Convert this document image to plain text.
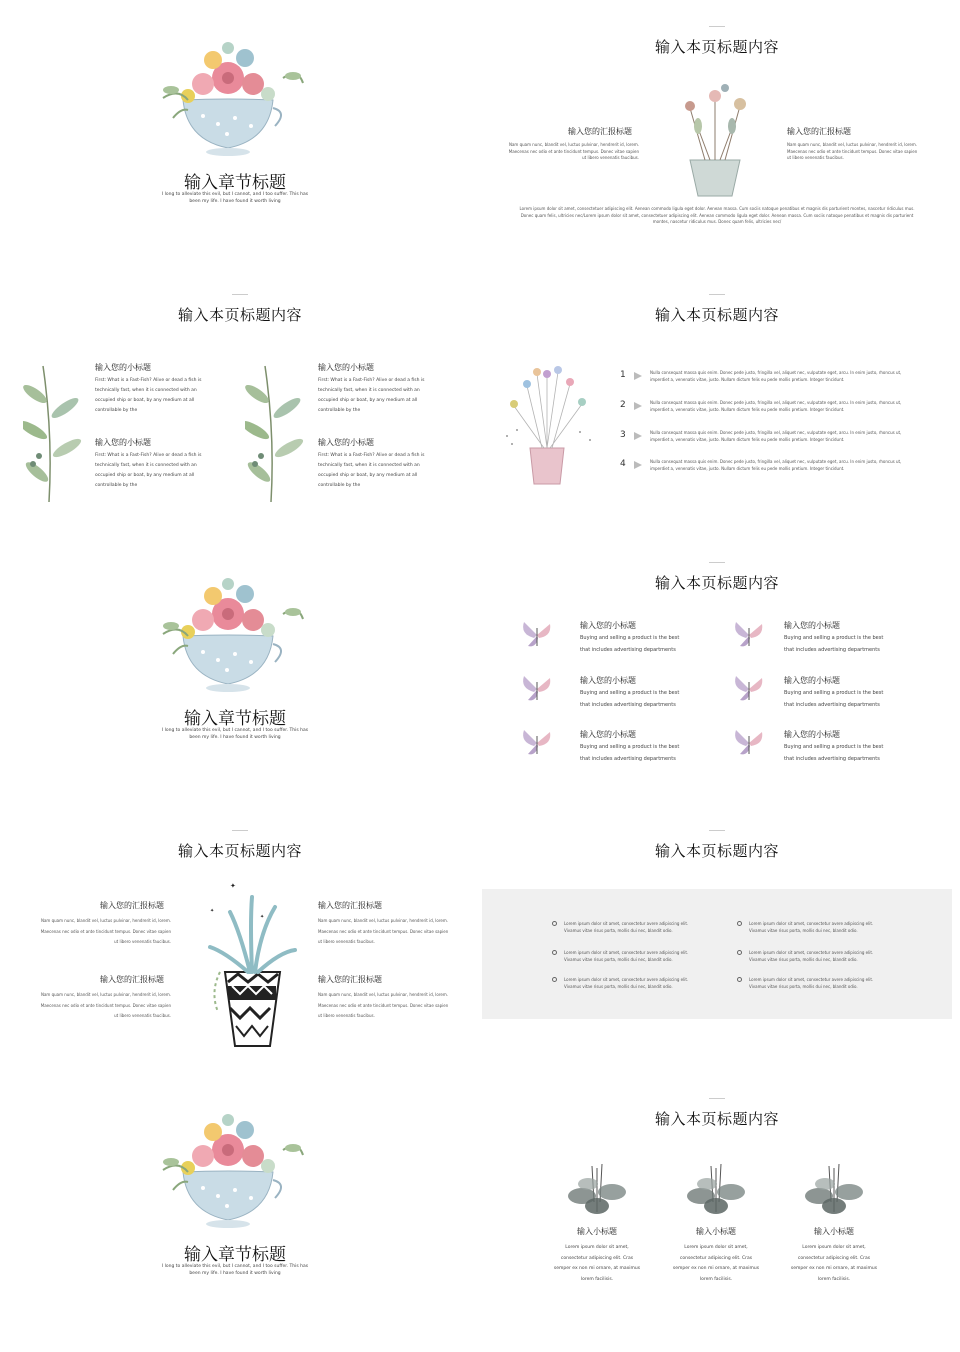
输入章节标题
I long to alleviate this evil, but I cannot, and I too suffer. This has been my life. I have found it worth living
输入本页标题内容
输入您的汇报标题
Nam quam nunc, blandit vel, luctus pulvinar, hendrerit id, lorem. Maecenas nec odio et ante tincidunt tempus. Donec vitae sapien ut libero venenatis faucibus.
输入您的汇报标题
Nam quam nunc, blandit vel, luctus pulvinar, hendrerit id, lorem. Maecenas nec odio et ante tincidunt tempus. Donec vitae sapien ut libero venenatis faucibus.
Lorem ipsum dolor sit amet, consectetuer adipiscing elit. Aenean commodo ligula eget dolor. Aenean massa. Cum sociis natoque penatibus et magnis dis parturient montes, nascetur ridiculus mus. Donec quam felis, ultricies nec/Lorem ipsum dolor sit amet, consectetuer adipiscing elit. Aenean commodo ligula eget dolor. Aenean massa. Cum sociis natoque penatibus et magnis dis parturient montes, nascetur ridiculus mus. Donec quam felis, ultricies nec/
输入本页标题内容
输入您的小标题
First: What is a Fast-Fish? Alive or dead a fish is technically fast, when it is connected with an occupied ship or boat, by any medium at all controllable by the
输入您的小标题
First: What is a Fast-Fish? Alive or dead a fish is technically fast, when it is connected with an occupied ship or boat, by any medium at all controllable by the
输入您的小标题
First: What is a Fast-Fish? Alive or dead a fish is technically fast, when it is connected with an occupied ship or boat, by any medium at all controllable by the
输入您的小标题
First: What is a Fast-Fish? Alive or dead a fish is technically fast, when it is connected with an occupied ship or boat, by any medium at all controllable by the
输入本页标题内容
1	Nulla consequat massa quis enim. Donec pede justo, fringilla vel, aliquet nec, vulputate eget, arcu. In enim justo, rhoncus ut, imperdiet a, venenatis vitae, justo. Nullam dictum felis eu pede mollis pretium. Integer tincidunt.
2	Nulla consequat massa quis enim. Donec pede justo, fringilla vel, aliquet nec, vulputate eget, arcu. In enim justo, rhoncus ut, imperdiet a, venenatis vitae, justo. Nullam dictum felis eu pede mollis pretium. Integer tincidunt.
3	Nulla consequat massa quis enim. Donec pede justo, fringilla vel, aliquet nec, vulputate eget, arcu. In enim justo, rhoncus ut, imperdiet a, venenatis vitae, justo. Nullam dictum felis eu pede mollis pretium. Integer tincidunt.
4	Nulla consequat massa quis enim. Donec pede justo, fringilla vel, aliquet nec, vulputate eget, arcu. In enim justo, rhoncus ut, imperdiet a, venenatis vitae, justo. Nullam dictum felis eu pede mollis pretium. Integer tincidunt.
输入章节标题
I long to alleviate this evil, but I cannot, and I too suffer. This has been my life. I have found it worth living
输入本页标题内容
输入您的小标题
Buying and selling a product is the best
that includes advertising departments
输入您的小标题
Buying and selling a product is the best
that includes advertising departments
输入您的小标题
Buying and selling a product is the best
that includes advertising departments
输入您的小标题
Buying and selling a product is the best
that includes advertising departments
输入您的小标题
Buying and selling a product is the best
that includes advertising departments
输入您的小标题
Buying and selling a product is the best
that includes advertising departments
输入本页标题内容
✦
✦
✦
输入您的汇报标题
Nam quam nunc, blandit vel, luctus pulvinar, hendrerit id, lorem. Maecenas nec odio et ante tincidunt tempus. Donec vitae sapien ut libero venenatis faucibus.
输入您的汇报标题
Nam quam nunc, blandit vel, luctus pulvinar, hendrerit id, lorem. Maecenas nec odio et ante tincidunt tempus. Donec vitae sapien ut libero venenatis faucibus.
输入您的汇报标题
Nam quam nunc, blandit vel, luctus pulvinar, hendrerit id, lorem. Maecenas nec odio et ante tincidunt tempus. Donec vitae sapien ut libero venenatis faucibus.
输入您的汇报标题
Nam quam nunc, blandit vel, luctus pulvinar, hendrerit id, lorem. Maecenas nec odio et ante tincidunt tempus. Donec vitae sapien ut libero venenatis faucibus.
输入本页标题内容
Lorem ipsum dolor sit amet, consectetur avere adipiscing elit.
Vivamus vitae risus porta, mollis dui nec, blandit odio.
Lorem ipsum dolor sit amet, consectetur avere adipiscing elit.
Vivamus vitae risus porta, mollis dui nec, blandit odio.
Lorem ipsum dolor sit amet, consectetur avere adipiscing elit.
Vivamus vitae risus porta, mollis dui nec, blandit odio.
Lorem ipsum dolor sit amet, consectetur avere adipiscing elit.
Vivamus vitae risus porta, mollis dui nec, blandit odio.
Lorem ipsum dolor sit amet, consectetur avere adipiscing elit.
Vivamus vitae risus porta, mollis dui nec, blandit odio.
Lorem ipsum dolor sit amet, consectetur avere adipiscing elit.
Vivamus vitae risus porta, mollis dui nec, blandit odio.
输入章节标题
I long to alleviate this evil, but I cannot, and I too suffer. This has been my life. I have found it worth living
输入本页标题内容
输入小标题
Lorem ipsum dolor sit amet, consectetur adipiscing elit. Cras semper ex non mi ornare, at maximus lorem facilisis.
输入小标题
Lorem ipsum dolor sit amet, consectetur adipiscing elit. Cras semper ex non mi ornare, at maximus lorem facilisis.
输入小标题
Lorem ipsum dolor sit amet, consectetur adipiscing elit. Cras semper ex non mi ornare, at maximus lorem facilisis.
